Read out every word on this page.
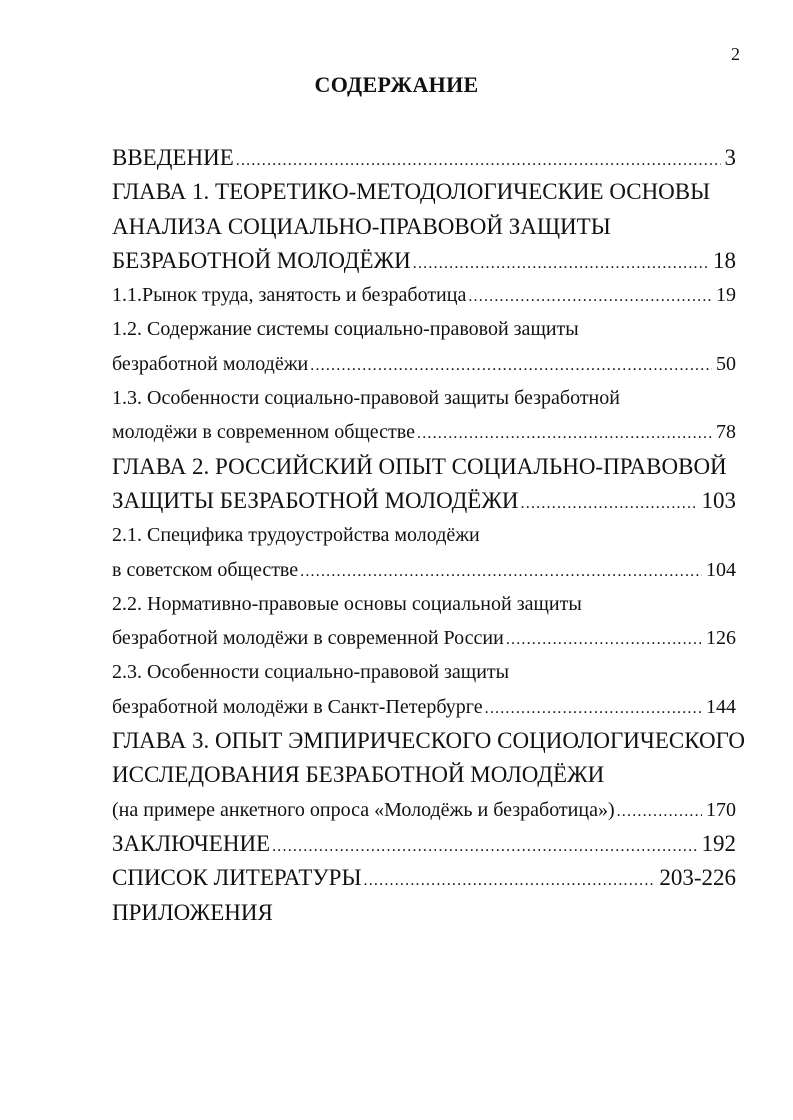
2
СОДЕРЖАНИЕ
ВВЕДЕНИЕ .....	3
ГЛАВА 1. ТЕОРЕТИКО-МЕТОДОЛОГИЧЕСКИЕ ОСНОВЫ
АНАЛИЗА СОЦИАЛЬНО-ПРАВОВОЙ ЗАЩИТЫ
БЕЗРАБОТНОЙ МОЛОДЁЖИ .....	18
1.1.Рынок труда, занятость и безработица .....	19
1.2. Содержание системы социально-правовой защиты
безработной молодёжи .....	50
1.3. Особенности социально-правовой защиты безработной
молодёжи в современном обществе .....	78
ГЛАВА 2. РОССИЙСКИЙ ОПЫТ СОЦИАЛЬНО-ПРАВОВОЙ
ЗАЩИТЫ БЕЗРАБОТНОЙ МОЛОДЁЖИ .....	103
2.1. Специфика трудоустройства молодёжи
в советском обществе .....	104
2.2. Нормативно-правовые основы социальной защиты
безработной молодёжи в современной России .....	126
2.3. Особенности социально-правовой защиты
безработной молодёжи в Санкт-Петербурге .....	144
ГЛАВА 3. ОПЫТ ЭМПИРИЧЕСКОГО СОЦИОЛОГИЧЕСКОГО
ИССЛЕДОВАНИЯ БЕЗРАБОТНОЙ МОЛОДЁЖИ
(на примере анкетного опроса «Молодёжь и безработица») .....	170
ЗАКЛЮЧЕНИЕ .....	192
СПИСОК ЛИТЕРАТУРЫ .....	203-226
ПРИЛОЖЕНИЯ
